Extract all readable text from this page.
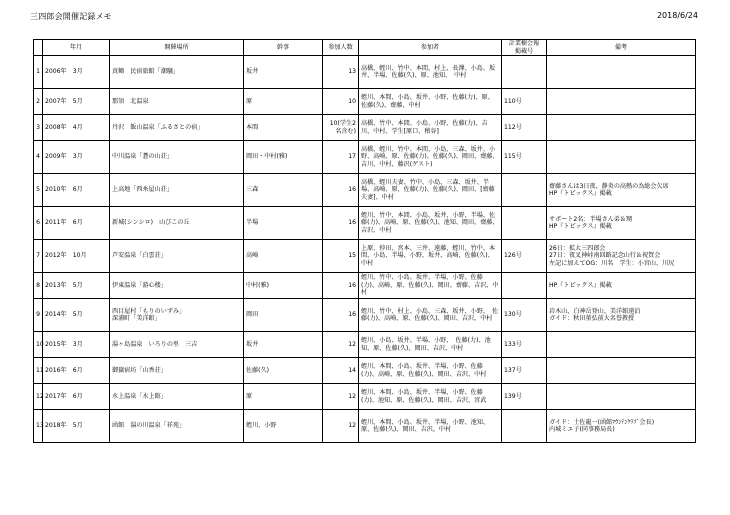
三四郎会開催記録メモ	2018/6/24
	年月	開催場所	幹事	参加人数	参加者	計業樹会報
掲載号	備考
1	2006年　3月	真鶴　民宿旅館「潮騒」	坂井	13	高橋、蛭川、竹中、本間、村上、長澤、小島、坂井、半場、佐藤(久)、原、池知、　中村		
2	2007年　5月	那須　北温泉	原	10	蛭川、本間、小島、坂井、小野、佐藤(力)、原、佐藤(久)、齋藤、中村	110号	
3	2008年　4月	丹沢　飯山温泉「ふるさとの宿」	本間	10(学生2名含む)	高橋、竹中、本間、小島、小野、佐藤(力)、吉川、中村、学生[原口、稽谷]	112号	
4	2009年　3月	中川温泉「蒼の山荘」	岡田・中村(雅)	17	高橋、蛭川、竹中、本間、小島、三森、坂井、小野、高崎、原、佐藤(力)、佐藤(久)、岡田、齋藤、吉川、中村、藤沢(ゲスト)	115号	
5	2010年　6月	上高地「西糸屋山荘」	三森	16	高橋、蛭川夫妻、竹中、小島、三森、坂井、半場、高崎、原、佐藤(力)、佐藤(久)、岡田、[齋藤夫妻]、中村		齋藤さんは3日夜、静炎の高熱の為総会欠席
HP『トピックス』掲載
6	2011年　6月	新城(シンシロ)　山びこの丘	半場	16	蛭川、竹中、本間、小島、坂井、小野、半場、佐藤(力)、高崎、原、佐藤(久)、池知、岡田、齋藤、吉沢、中村		サポート2名：半場さん弟＆甥
HP『トピックス』掲載
7	2012年　10月	芦安温泉「白雲荘」	高崎	15	上原、仲田、宮本、三井、遠藤、蛭川、竹中、本間、小島、半場、小野、坂井、高崎、佐藤(久)、中村	126号	26日：拡大三四郎会
27日：夜叉神峠南回路記念山行＆祝賀会
左記に加えてOG：川名　学生：小宮山、川尻
8	2013年　5月	伊東温泉「游心楼」	中村(雅)	16	蛭川、竹中、小島、坂井、半場、小野、佐藤(力)、高崎、原、佐藤(久)、岡田、齋藤、吉沢、中村		HP『トピックス』掲載
9	2014年　5月	西目屋村「もりのいずみ」
深浦町「美洋館」	岡田	16	蛭川、竹中、村上、小島、三森、坂井、小野、　佐藤(力)、高崎、原、佐藤(久)、岡田、吉沢、中村	130号	岩木山、白神岳登山、美洋館遠泊
ガイド：秋田菫弘前大名誉教授
10	2015年　3月	湯ヶ島温泉　いろりの里　三吉	坂井	12	蛭川、小島、坂井、半場、小野、　佐藤(力)、池知、原、佐藤(久)、岡田、吉沢、中村	133号	
11	2016年　6月	御嶽宿坊「山香荘」	佐藤(久)	14	蛭川、本間、小島、坂井、半場、小野、佐藤(力)、高崎、原、佐藤(久)、岡田、吉沢、中村	137号	
12	2017年　6月	水上温泉「水上館」	原	12	蛭川、本間、小島、坂井、半場、小野、佐藤(力)、池知、原、佐藤(久)、岡田、吉沢、宮武	139号	
13	2018年　5月	函館　湯の川温泉「祥苑」	蛭川、小野	12	蛭川、本間、小島、坂井、半場、小野、池知、原、佐藤(久)、岡田、吉沢、中村		ガイド：土佐龍一(函館ﾏｳﾝﾃﾝｸﾗﾌﾞ会長)
内城ミエ子(同事務局長)
